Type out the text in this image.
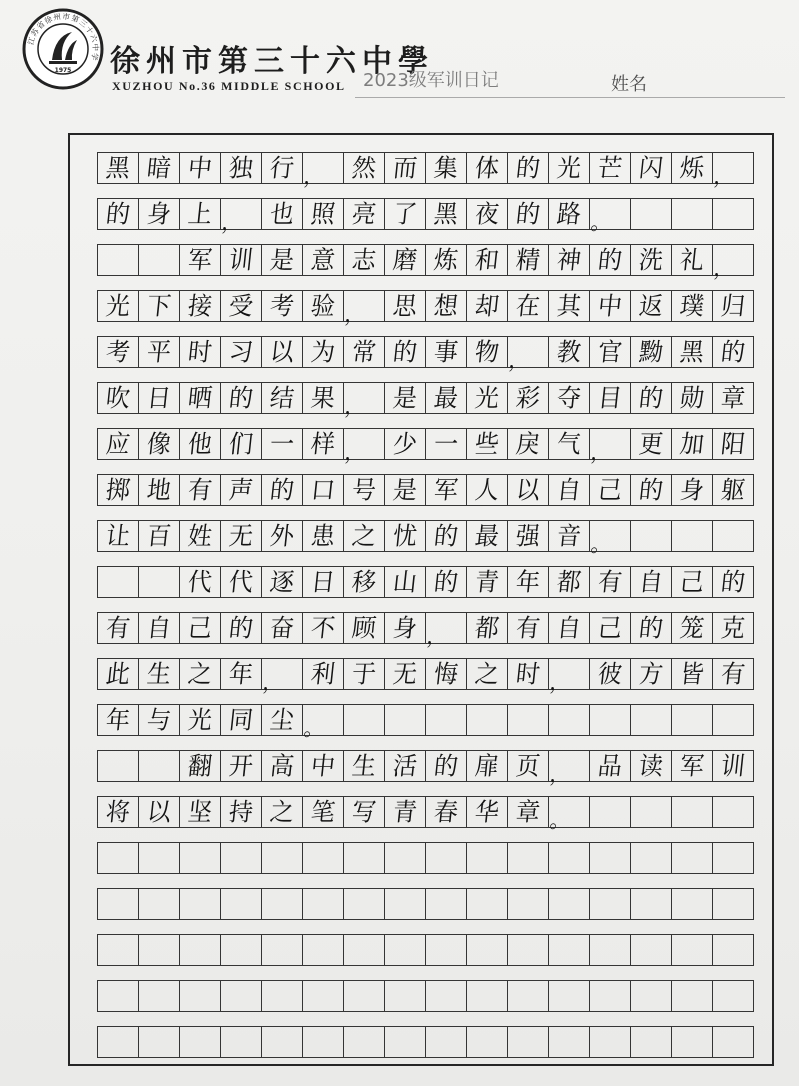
江苏省徐州市第三十六中学
1975 徐州市第三十六中學
XUZHOU No.36 MIDDLE SCHOOL 2023级军训日记	姓名
黑 暗 中 独 行 ， 然 而 集 体 的 光 芒 闪 烁 ，
的 身 上 ， 也 照 亮 了 黑 夜 的 路 。
军 训 是 意 志 磨 炼 和 精 神 的 洗 礼 ，
光 下 接 受 考 验 ， 思 想 却 在 其 中 返 璞 归
考 平 时 习 以 为 常 的 事 物 ， 教 官 黝 黑 的
吹 日 晒 的 结 果 ， 是 最 光 彩 夺 目 的 勋 章
应 像 他 们 一 样 ， 少 一 些 戾 气 ， 更 加 阳
掷 地 有 声 的 口 号 是 军 人 以 自 己 的 身 躯
让 百 姓 无 外 患 之 忧 的 最 强 音 。
代 代 逐 日 移 山 的 青 年 都 有 自 己 的
有 自 己 的 奋 不 顾 身 ， 都 有 自 己 的 笼 克
此 生 之 年 ， 利 于 无 悔 之 时 ， 彼 方 皆 有
年 与 光 同 尘 。
翻 开 高 中 生 活 的 扉 页 ， 品 读 军 训
将 以 坚 持 之 笔 写 青 春 华 章 。
